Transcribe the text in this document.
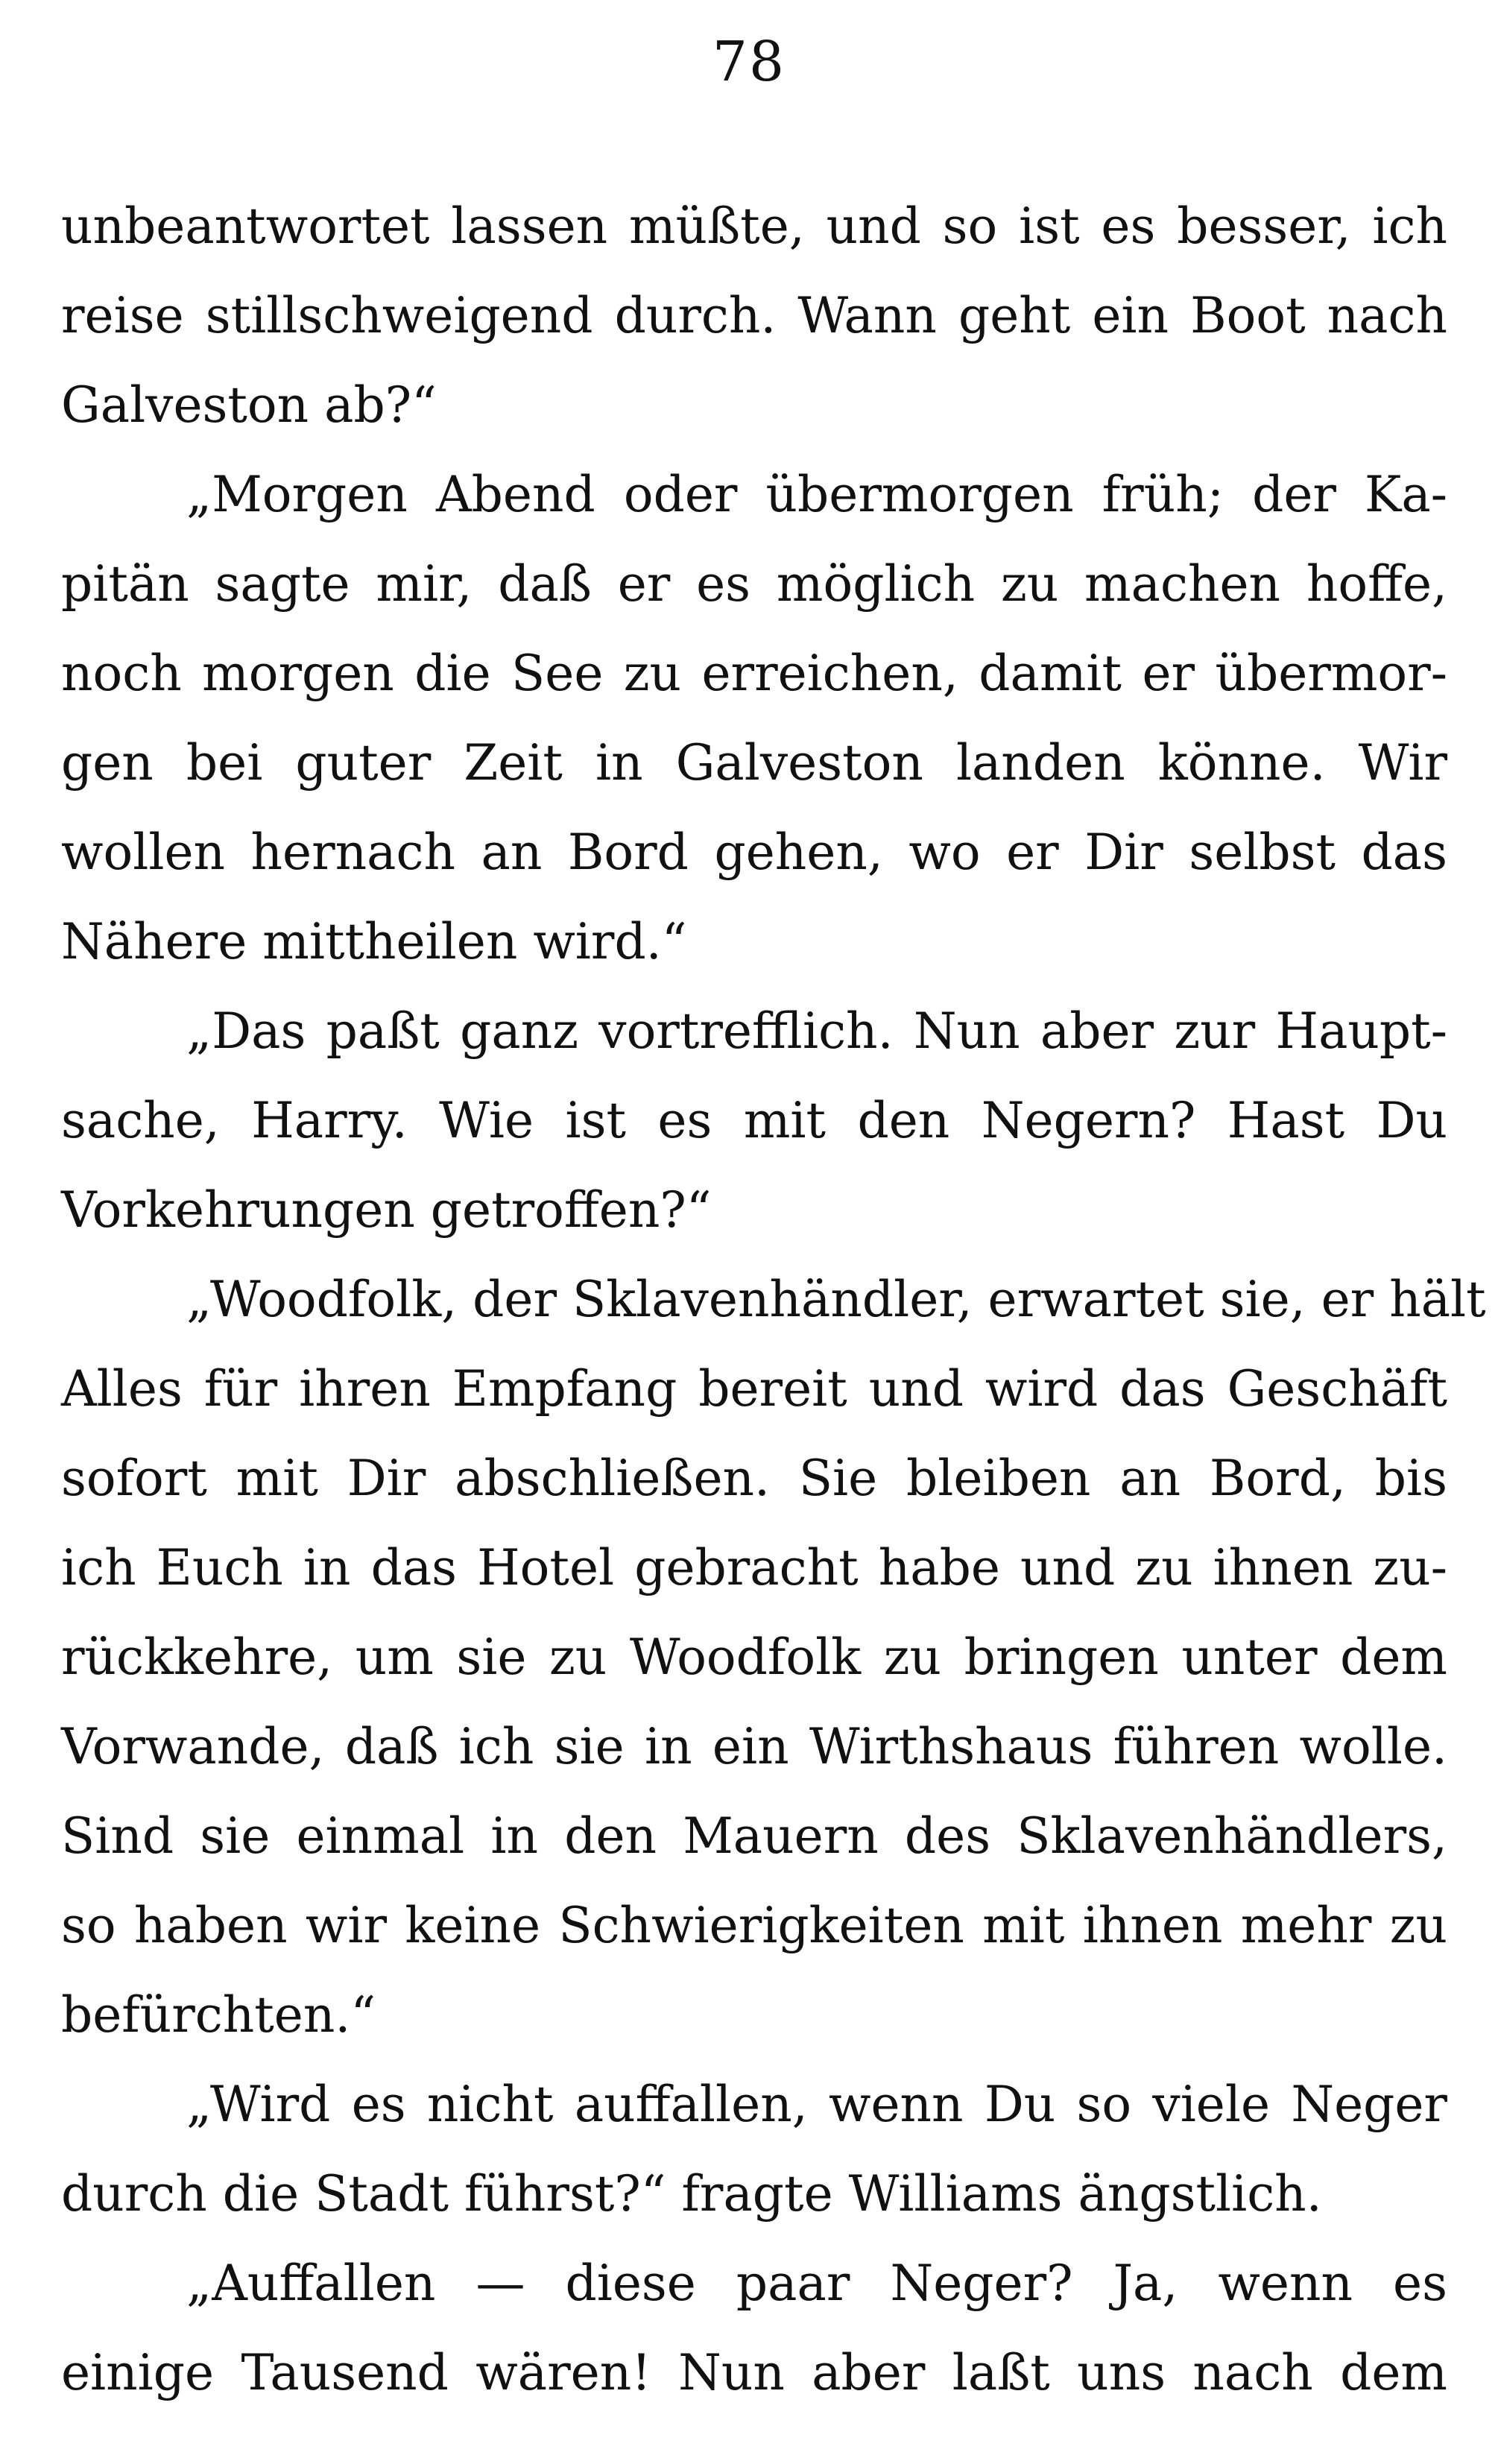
78
unbeantwortet lassen müßte, und so ist es besser, ich
reise stillschweigend durch. Wann geht ein Boot nach
Galveston ab?“
„Morgen Abend oder übermorgen früh; der Ka-
pitän sagte mir, daß er es möglich zu machen hoffe,
noch morgen die See zu erreichen, damit er übermor-
gen bei guter Zeit in Galveston landen könne. Wir
wollen hernach an Bord gehen, wo er Dir selbst das
Nähere mittheilen wird.“
„Das paßt ganz vortrefflich. Nun aber zur Haupt-
sache, Harry. Wie ist es mit den Negern? Hast Du
Vorkehrungen getroffen?“
„Woodfolk, der Sklavenhändler, erwartet sie, er hält
Alles für ihren Empfang bereit und wird das Geschäft
sofort mit Dir abschließen. Sie bleiben an Bord, bis
ich Euch in das Hotel gebracht habe und zu ihnen zu-
rückkehre, um sie zu Woodfolk zu bringen unter dem
Vorwande, daß ich sie in ein Wirthshaus führen wolle.
Sind sie einmal in den Mauern des Sklavenhändlers,
so haben wir keine Schwierigkeiten mit ihnen mehr zu
befürchten.“
„Wird es nicht auffallen, wenn Du so viele Neger
durch die Stadt führst?“ fragte Williams ängstlich.
„Auffallen — diese paar Neger? Ja, wenn es
einige Tausend wären! Nun aber laßt uns nach dem
